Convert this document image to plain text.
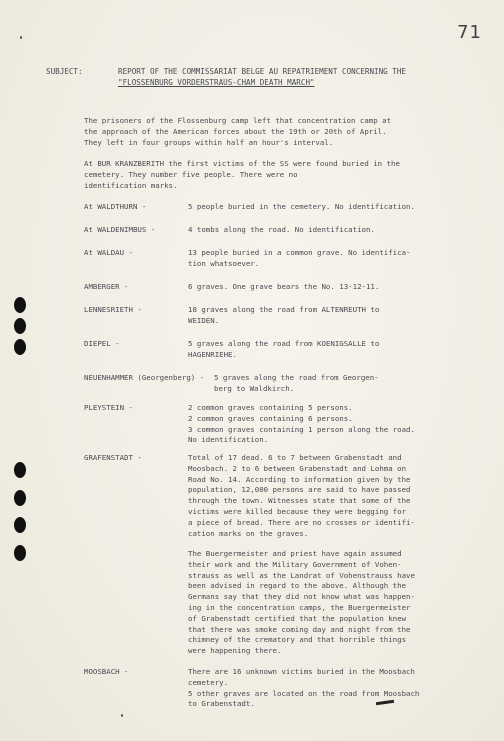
71
SUBJECT:	REPORT OF THE COMMISSARIAT BELGE AU REPATRIEMENT CONCERNING THE
"FLOSSENBURG VORDERSTRAUS-CHAM DEATH MARCH"
The prisoners of the Flossenburg camp left that concentration camp at
the approach of the American forces about the 19th or 20th of April.
They left in four groups within half an hour's interval.
At BUR KRANZBERITH the first victims of the SS were found buried in the
cemetery. They number five people. There were no
identification marks.
At WALDTHURN -	5 people buried in the cemetery. No identification.
At WALDENIMBUS -	4 tombs along the road. No identification.
At WALDAU -	13 people buried in a common grave. No identifica-
tion whatsoever.
AMBERGER -	6 graves. One grave bears the No. 13-12-11.
LENNESRIETH -	18 graves along the road from ALTENREUTH to
WEIDEN.
DIEPEL -	5 graves along the road from KOENIGSALLE to
HAGENRIEHE.
NEUENHAMMER (Georgenberg) - 5 graves along the road from Georgen-
berg to Waldkirch.
PLEYSTEIN -	2 common graves containing 5 persons.
2 common graves containing 6 persons.
3 common graves containing 1 person along the road.
No identification.
GRAFENSTADT -	Total of 17 dead. 6 to 7 between Grabenstadt and
Moosbach. 2 to 6 between Grabenstadt and Lohma on
Road No. 14. According to information given by the
population, 12,000 persons are said to have passed
through the town. Witnesses state that some of the
victims were killed because they were begging for
a piece of bread. There are no crosses or identifi-
cation marks on the graves.
The Buergermeister and priest have again assumed
their work and the Military Government of Vohen-
strauss as well as the Landrat of Vohenstrauss have
been advised in regard to the above. Although the
Germans say that they did not know what was happen-
ing in the concentration camps, the Buergermeister
of Grabenstadt certified that the population knew
that there was smoke coming day and night from the
chimney of the crematory and that horrible things
were happening there.
MOOSBACH -	There are 16 unknown victims buried in the Moosbach
cemetery.
5 other graves are located on the road from Moosbach
to Grabenstadt.
